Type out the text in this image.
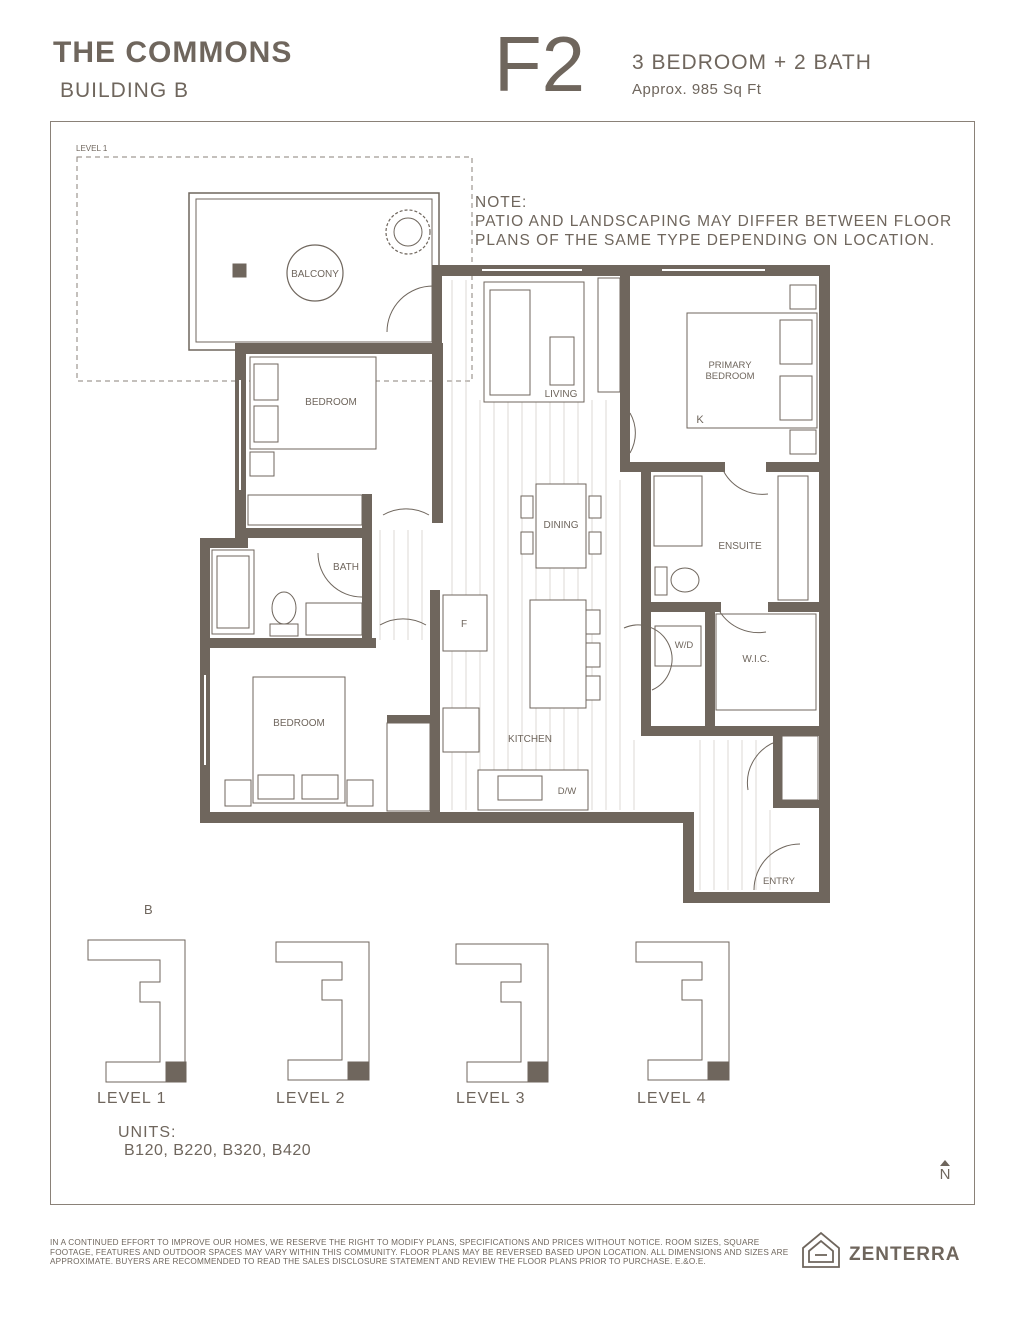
THE COMMONS
BUILDING B	F2 3 BEDROOM + 2 BATH
Approx. 985 Sq Ft
LEVEL 1
BALCONY
LIVING
PRIMARY
BEDROOM
K
BEDROOM
DINING
ENSUITE
BATH
F
W/D
W.I.C.
BEDROOM
KITCHEN
D/W
ENTRY
NOTE:
PATIO AND LANDSCAPING MAY DIFFER BETWEEN FLOOR
PLANS OF THE SAME TYPE DEPENDING ON LOCATION.
B
LEVEL 1	LEVEL 2	LEVEL 3	LEVEL 4
UNITS:
B120, B220, B320, B420
N
IN A CONTINUED EFFORT TO IMPROVE OUR HOMES, WE RESERVE THE RIGHT TO MODIFY PLANS, SPECIFICATIONS AND PRICES WITHOUT NOTICE. ROOM SIZES, SQUARE FOOTAGE, FEATURES AND OUTDOOR SPACES MAY VARY WITHIN THIS COMMUNITY. FLOOR PLANS MAY BE REVERSED BASED UPON LOCATION. ALL DIMENSIONS AND SIZES ARE APPROXIMATE. BUYERS ARE RECOMMENDED TO READ THE SALES DISCLOSURE STATEMENT AND REVIEW THE FLOOR PLANS PRIOR TO PURCHASE. E.&O.E.	ZENTERRA
